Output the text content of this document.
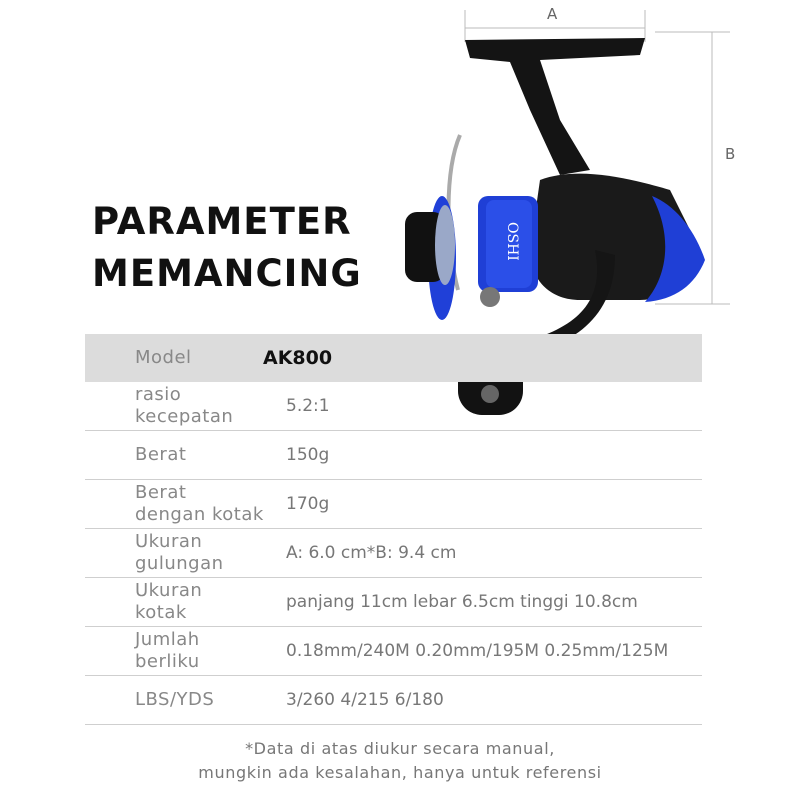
PARAMETER
MEMANCING
OSHI
A
B
Model	AK800
rasio
kecepatan	5.2:1
Berat	150g
Berat
dengan kotak	170g
Ukuran
gulungan	A: 6.0 cm*B: 9.4 cm
Ukuran
kotak	panjang 11cm lebar 6.5cm tinggi 10.8cm
Jumlah
berliku	0.18mm/240M 0.20mm/195M 0.25mm/125M
LBS/YDS	3/260 4/215 6/180
*Data di atas diukur secara manual,
mungkin ada kesalahan, hanya untuk referensi
